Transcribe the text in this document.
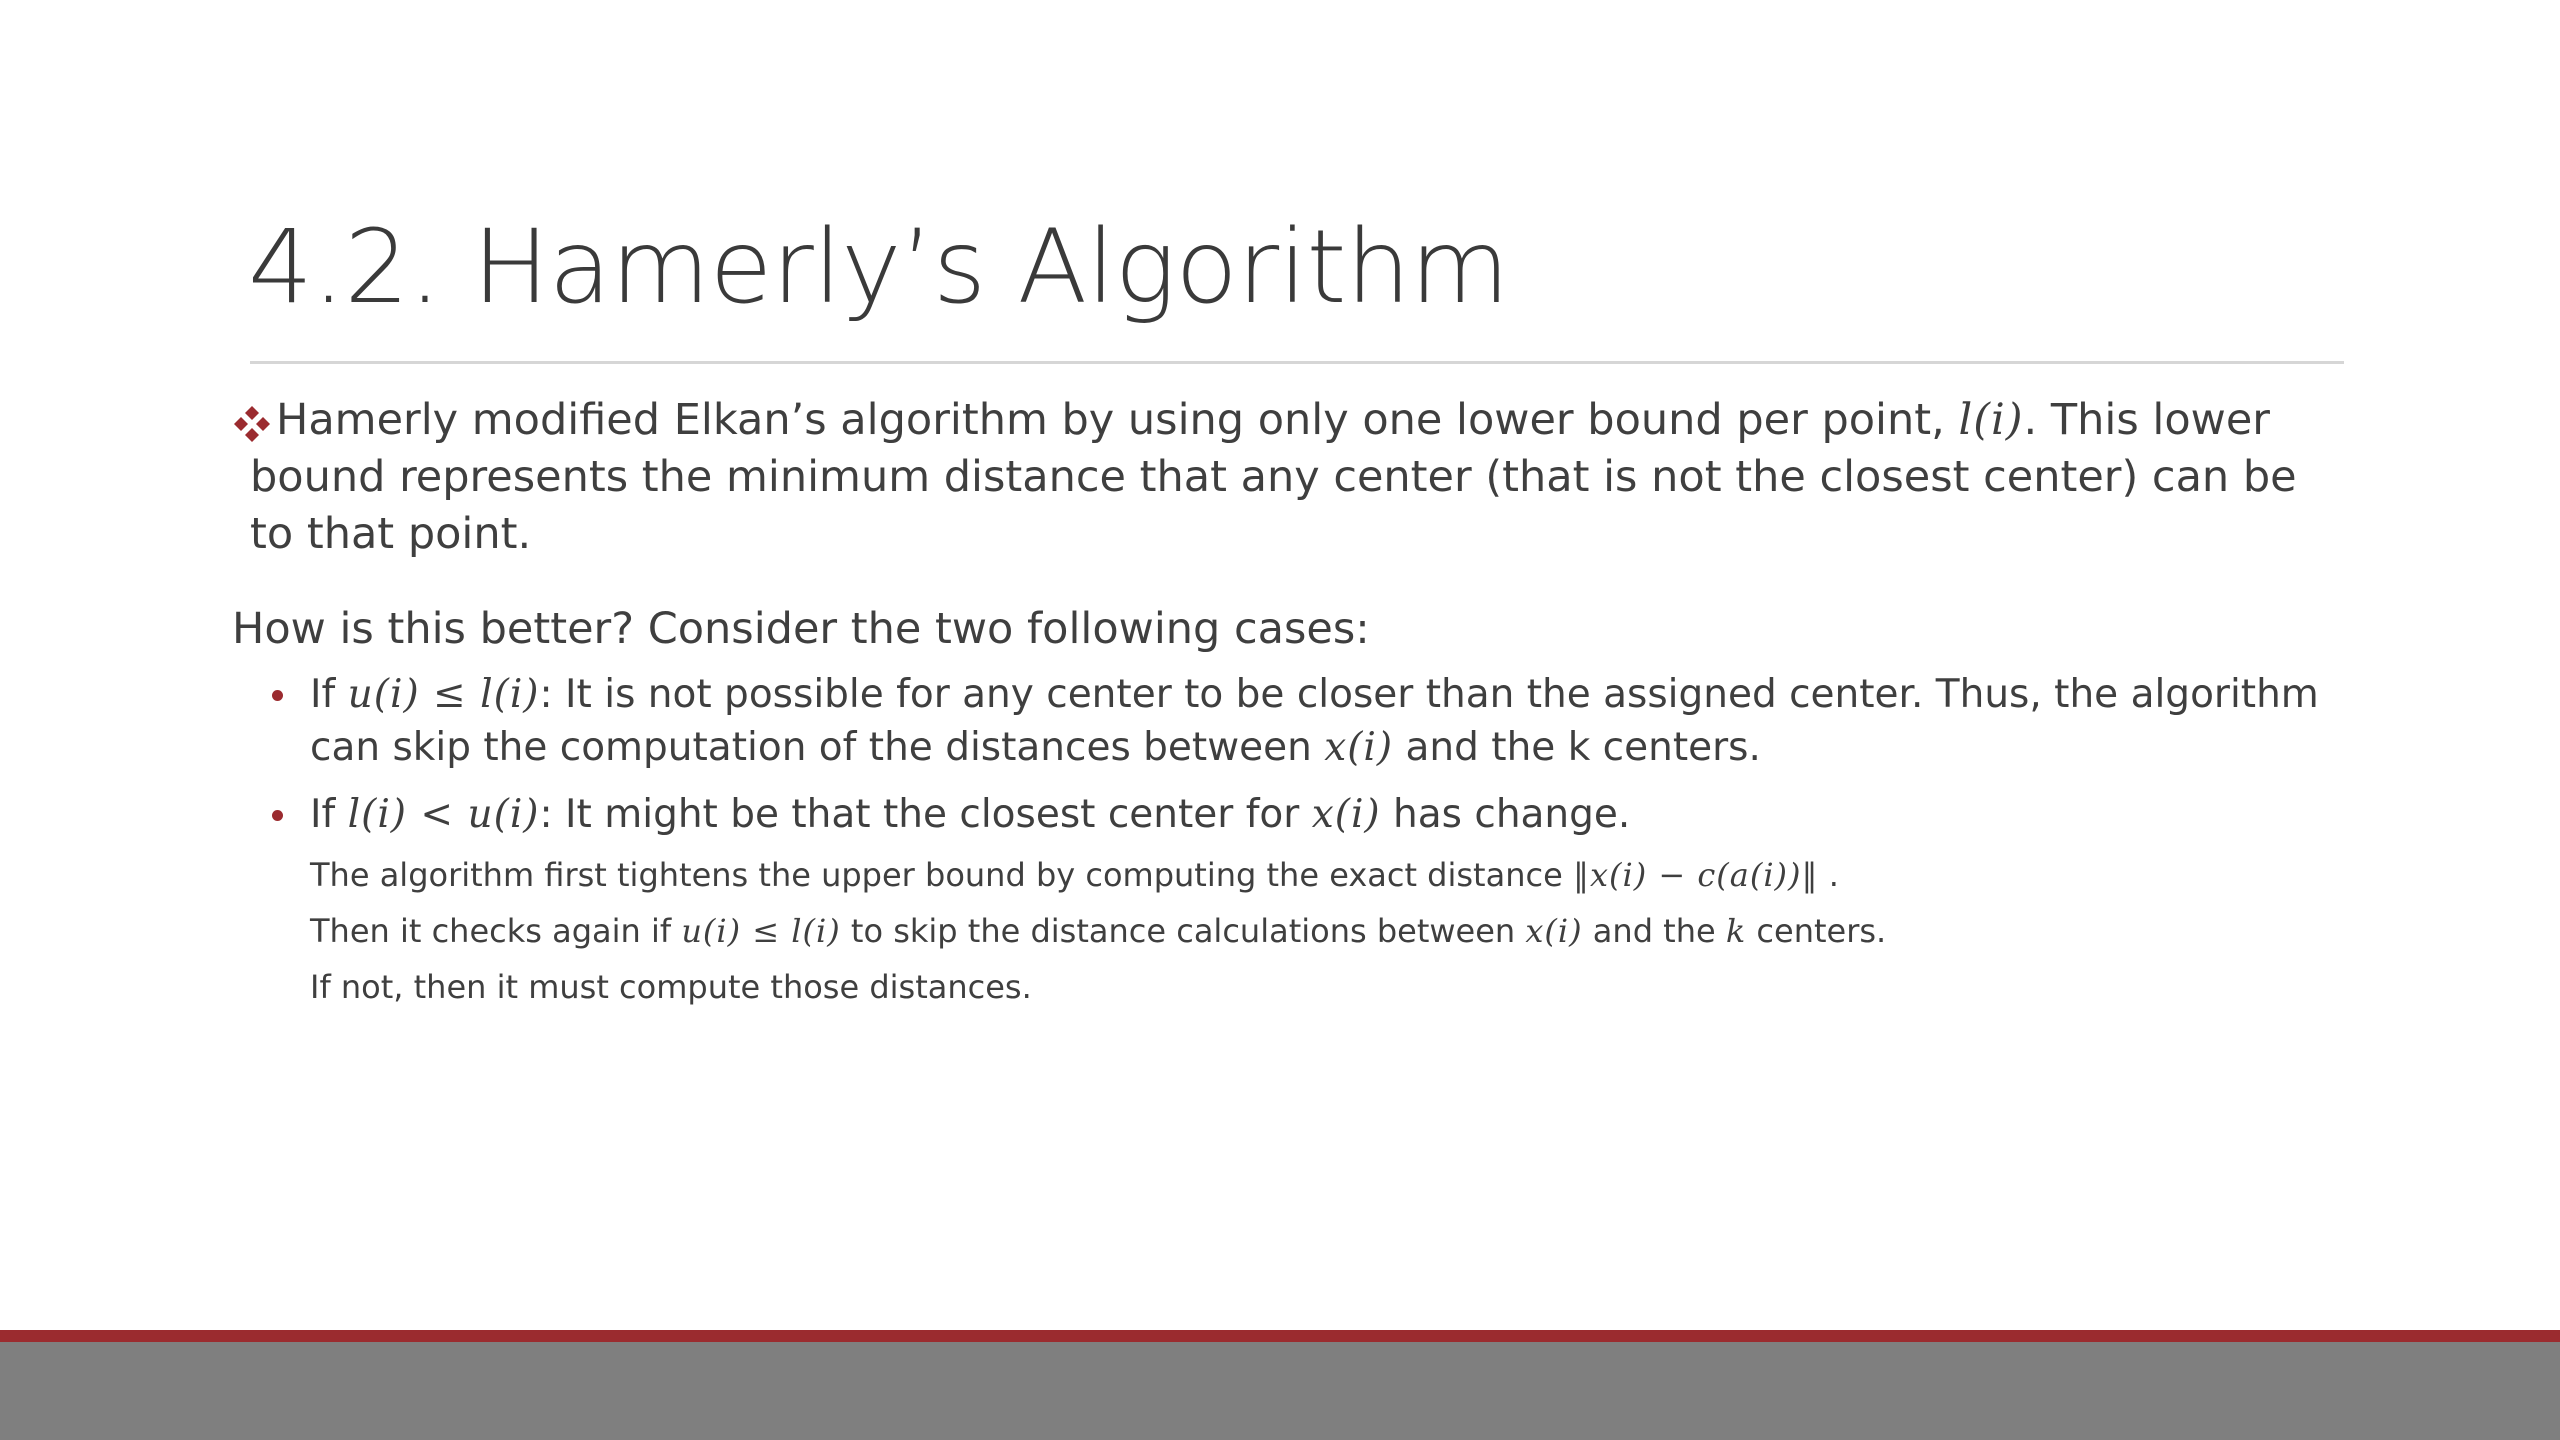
4.2. Hamerly’s Algorithm

Hamerly modified Elkan’s algorithm by using only one lower bound per point, l(i). This lower bound represents the minimum distance that any center (that is not the closest center) can be to that point.

How is this better? Consider the two following cases:

If u(i) ≤ l(i): It is not possible for any center to be closer than the assigned center. Thus, the algorithm can skip the computation of the distances between x(i) and the k centers.
If l(i) < u(i): It might be that the closest center for x(i) has change.

The algorithm first tightens the upper bound by computing the exact distance ‖x(i) − c(a(i))‖ .

Then it checks again if u(i) ≤ l(i) to skip the distance calculations between x(i) and the k centers.

If not, then it must compute those distances.
